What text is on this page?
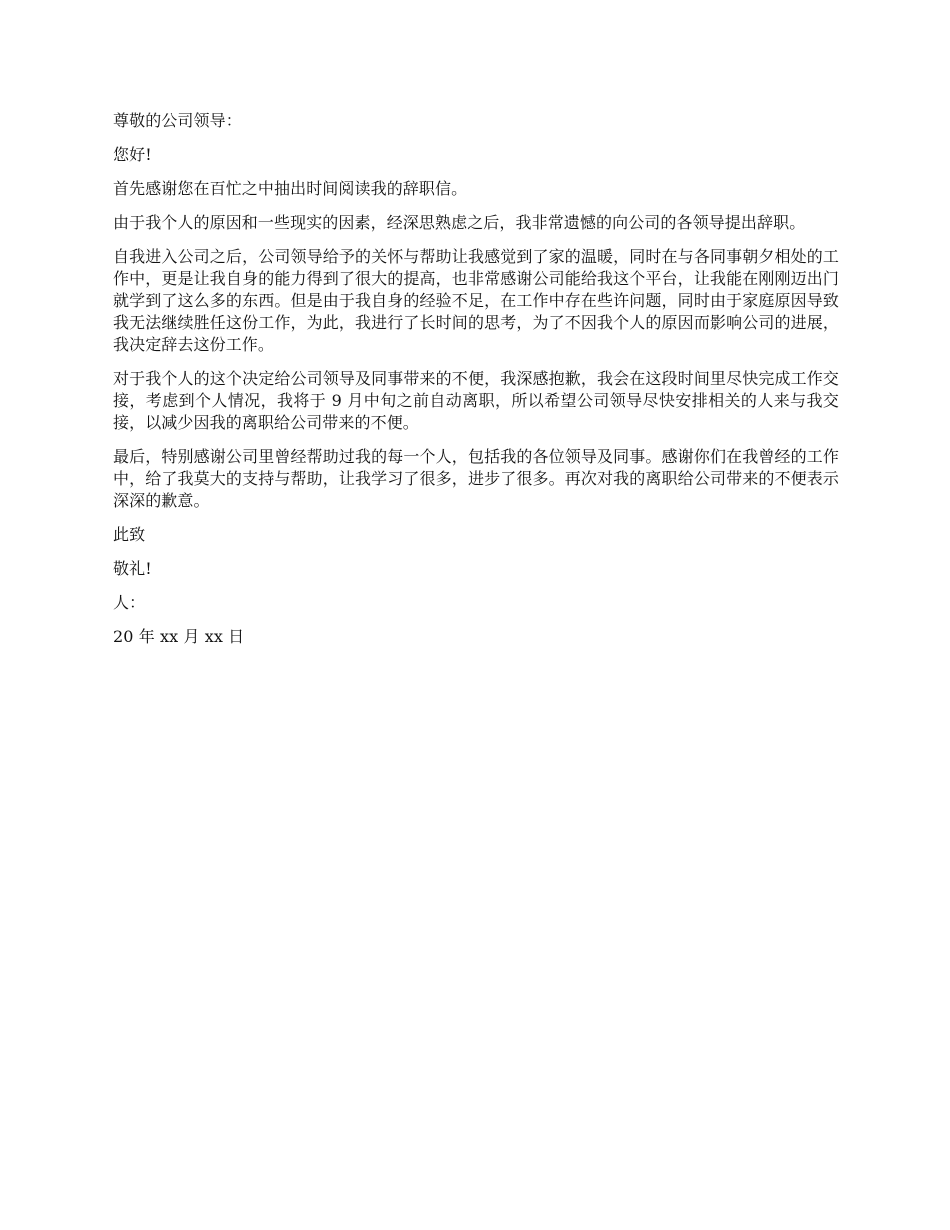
尊敬的公司领导：

您好!

首先感谢您在百忙之中抽出时间阅读我的辞职信。

由于我个人的原因和一些现实的因素，经深思熟虑之后，我非常遗憾的向公司的各领导提出辞职。

自我进入公司之后，公司领导给予的关怀与帮助让我感觉到了家的温暖，同时在与各同事朝夕相处的工作中，更是让我自身的能力得到了很大的提高，也非常感谢公司能给我这个平台，让我能在刚刚迈出门就学到了这么多的东西。但是由于我自身的经验不足，在工作中存在些许问题，同时由于家庭原因导致我无法继续胜任这份工作，为此，我进行了长时间的思考，为了不因我个人的原因而影响公司的进展，我决定辞去这份工作。

对于我个人的这个决定给公司领导及同事带来的不便，我深感抱歉，我会在这段时间里尽快完成工作交接，考虑到个人情况，我将于 9 月中旬之前自动离职，所以希望公司领导尽快安排相关的人来与我交接，以减少因我的离职给公司带来的不便。

最后，特别感谢公司里曾经帮助过我的每一个人，包括我的各位领导及同事。感谢你们在我曾经的工作中，给了我莫大的支持与帮助，让我学习了很多，进步了很多。再次对我的离职给公司带来的不便表示深深的歉意。

此致

敬礼!

人：

20 年 xx 月 xx 日
